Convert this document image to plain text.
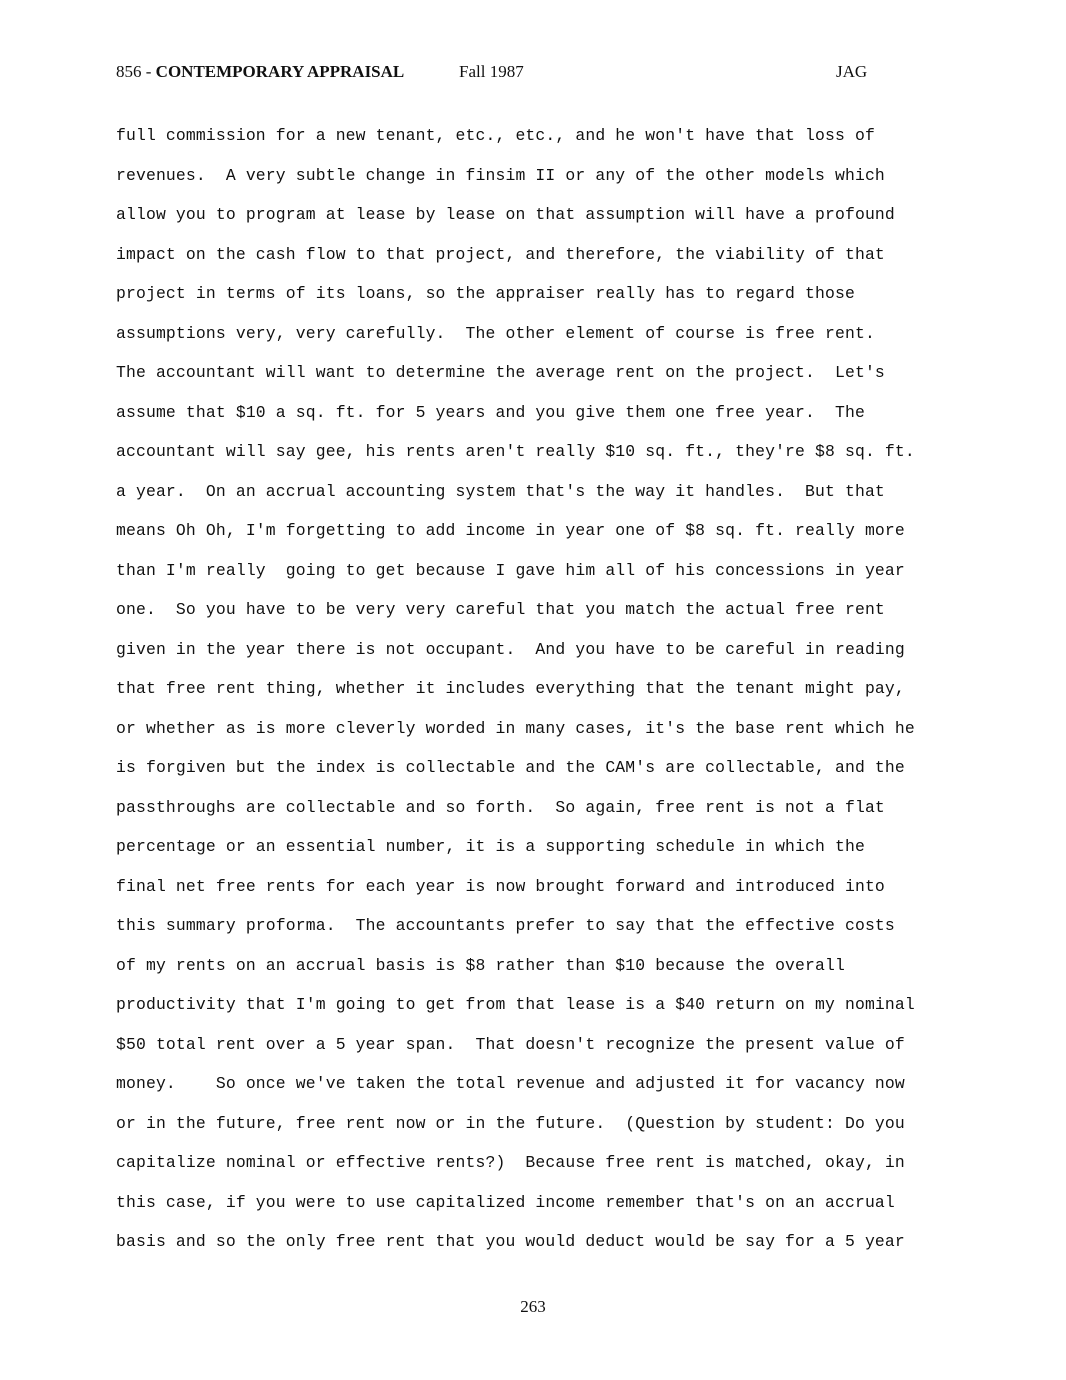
856 - CONTEMPORARY APPRAISAL	Fall 1987	JAG
full commission for a new tenant, etc., etc., and he won't have that loss of
revenues.  A very subtle change in finsim II or any of the other models which
allow you to program at lease by lease on that assumption will have a profound
impact on the cash flow to that project, and therefore, the viability of that
project in terms of its loans, so the appraiser really has to regard those
assumptions very, very carefully.  The other element of course is free rent.
The accountant will want to determine the average rent on the project.  Let's
assume that $10 a sq. ft. for 5 years and you give them one free year.  The
accountant will say gee, his rents aren't really $10 sq. ft., they're $8 sq. ft.
a year.  On an accrual accounting system that's the way it handles.  But that
means Oh Oh, I'm forgetting to add income in year one of $8 sq. ft. really more
than I'm really  going to get because I gave him all of his concessions in year
one.  So you have to be very very careful that you match the actual free rent
given in the year there is not occupant.  And you have to be careful in reading
that free rent thing, whether it includes everything that the tenant might pay,
or whether as is more cleverly worded in many cases, it's the base rent which he
is forgiven but the index is collectable and the CAM's are collectable, and the
passthroughs are collectable and so forth.  So again, free rent is not a flat
percentage or an essential number, it is a supporting schedule in which the
final net free rents for each year is now brought forward and introduced into
this summary proforma.  The accountants prefer to say that the effective costs
of my rents on an accrual basis is $8 rather than $10 because the overall
productivity that I'm going to get from that lease is a $40 return on my nominal
$50 total rent over a 5 year span.  That doesn't recognize the present value of
money.    So once we've taken the total revenue and adjusted it for vacancy now
or in the future, free rent now or in the future.  (Question by student: Do you
capitalize nominal or effective rents?)  Because free rent is matched, okay, in
this case, if you were to use capitalized income remember that's on an accrual
basis and so the only free rent that you would deduct would be say for a 5 year
263
